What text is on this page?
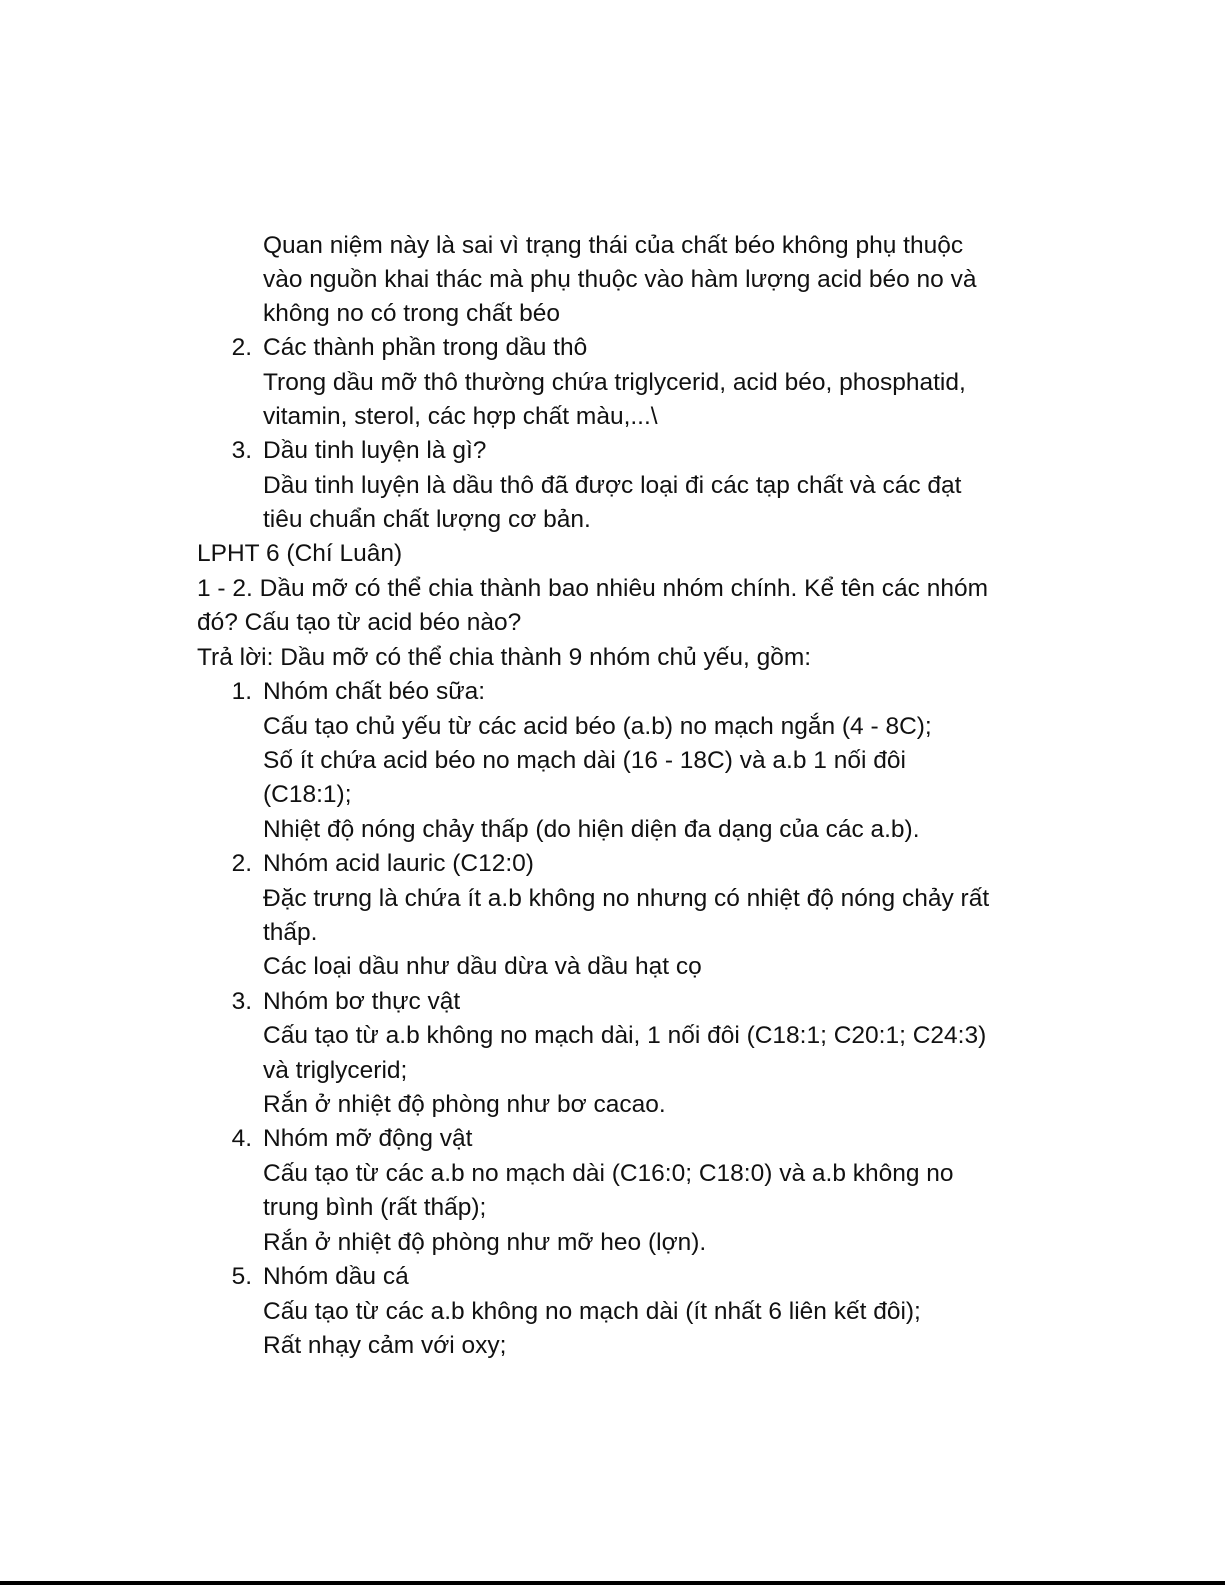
Quan niệm này là sai vì trạng thái của chất béo không phụ thuộc
vào nguồn khai thác mà phụ thuộc vào hàm lượng acid béo no và
không no có trong chất béo
2. Các thành phần trong dầu thô
Trong dầu mỡ thô thường chứa triglycerid, acid béo, phosphatid,
vitamin, sterol, các hợp chất màu,...\
3. Dầu tinh luyện là gì?
Dầu tinh luyện là dầu thô đã được loại đi các tạp chất và các đạt
tiêu chuẩn chất lượng cơ bản.
LPHT 6 (Chí Luân)
1 - 2. Dầu mỡ có thể chia thành bao nhiêu nhóm chính. Kể tên các nhóm
đó? Cấu tạo từ acid béo nào?
Trả lời: Dầu mỡ có thể chia thành 9 nhóm chủ yếu, gồm:
1. Nhóm chất béo sữa:
Cấu tạo chủ yếu từ các acid béo (a.b) no mạch ngắn (4 - 8C);
Số ít chứa acid béo no mạch dài (16 - 18C) và a.b 1 nối đôi
(C18:1);
Nhiệt độ nóng chảy thấp (do hiện diện đa dạng của các a.b).
2. Nhóm acid lauric (C12:0)
Đặc trưng là chứa ít a.b không no nhưng có nhiệt độ nóng chảy rất
thấp.
Các loại dầu như dầu dừa và dầu hạt cọ
3. Nhóm bơ thực vật
Cấu tạo từ a.b không no mạch dài, 1 nối đôi (C18:1; C20:1; C24:3)
và triglycerid;
Rắn ở nhiệt độ phòng như bơ cacao.
4. Nhóm mỡ động vật
Cấu tạo từ các a.b no mạch dài (C16:0; C18:0) và a.b không no
trung bình (rất thấp);
Rắn ở nhiệt độ phòng như mỡ heo (lợn).
5. Nhóm dầu cá
Cấu tạo từ các a.b không no mạch dài (ít nhất 6 liên kết đôi);
Rất nhạy cảm với oxy;
